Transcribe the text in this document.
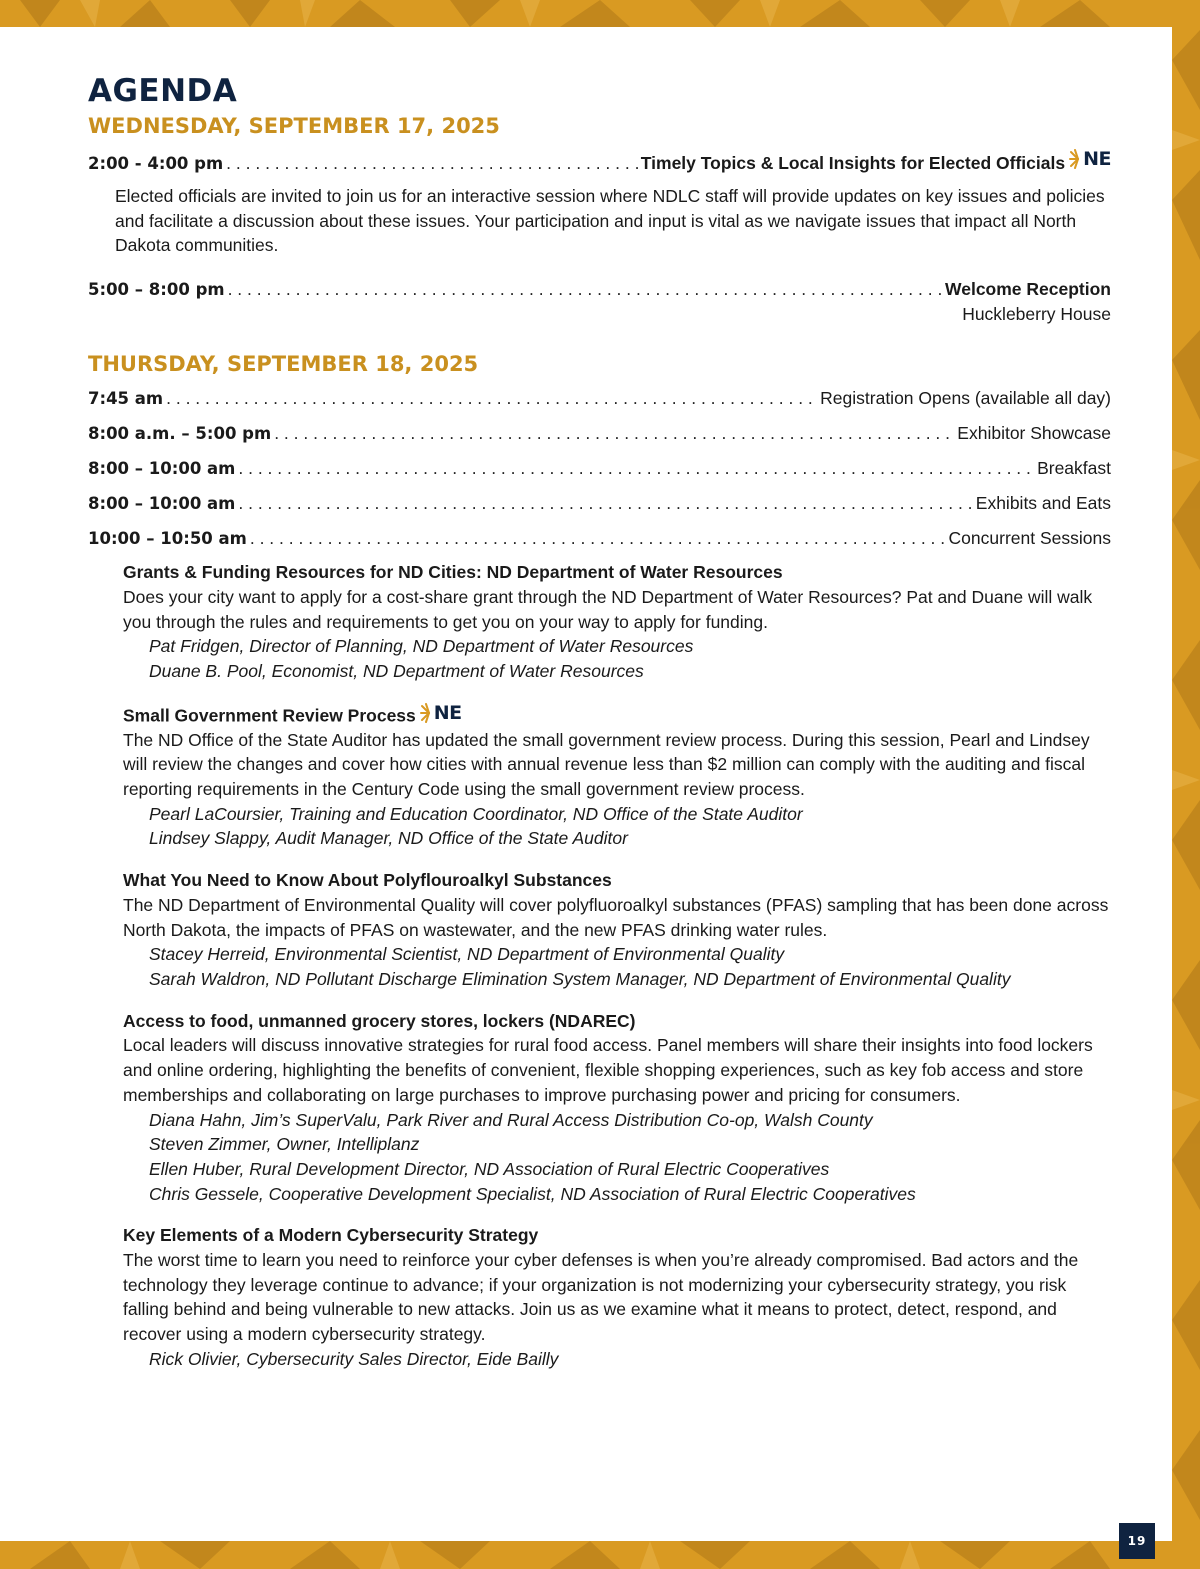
AGENDA
WEDNESDAY, SEPTEMBER 17, 2025
2:00 - 4:00 pm . . .	Timely Topics & Local Insights for Elected Officials NE
Elected officials are invited to join us for an interactive session where NDLC staff will provide updates on key issues and policies and facilitate a discussion about these issues. Your participation and input is vital as we navigate issues that impact all North Dakota communities.
5:00 – 8:00 pm . . .	Welcome Reception
Huckleberry House
THURSDAY, SEPTEMBER 18, 2025
7:45 am . . .	Registration Opens (available all day)
8:00 a.m. – 5:00 pm . . .	Exhibitor Showcase
8:00 – 10:00 am . . .	Breakfast
8:00 – 10:00 am . . .	Exhibits and Eats
10:00 – 10:50 am . . .	Concurrent Sessions
Grants & Funding Resources for ND Cities: ND Department of Water Resources
Does your city want to apply for a cost-share grant through the ND Department of Water Resources? Pat and Duane will walk you through the rules and requirements to get you on your way to apply for funding.
Pat Fridgen, Director of Planning, ND Department of Water Resources
Duane B. Pool, Economist, ND Department of Water Resources
Small Government Review Process NE
The ND Office of the State Auditor has updated the small government review process. During this session, Pearl and Lindsey will review the changes and cover how cities with annual revenue less than $2 million can comply with the auditing and fiscal reporting requirements in the Century Code using the small government review process.
Pearl LaCoursier, Training and Education Coordinator, ND Office of the State Auditor
Lindsey Slappy, Audit Manager, ND Office of the State Auditor
What You Need to Know About Polyflouroalkyl Substances
The ND Department of Environmental Quality will cover polyfluoroalkyl substances (PFAS) sampling that has been done across North Dakota, the impacts of PFAS on wastewater, and the new PFAS drinking water rules.
Stacey Herreid, Environmental Scientist, ND Department of Environmental Quality
Sarah Waldron, ND Pollutant Discharge Elimination System Manager, ND Department of Environmental Quality
Access to food, unmanned grocery stores, lockers (NDAREC)
Local leaders will discuss innovative strategies for rural food access. Panel members will share their insights into food lockers and online ordering, highlighting the benefits of convenient, flexible shopping experiences, such as key fob access and store memberships and collaborating on large purchases to improve purchasing power and pricing for consumers.
Diana Hahn, Jim’s SuperValu, Park River and Rural Access Distribution Co-op, Walsh County
Steven Zimmer, Owner, Intelliplanz
Ellen Huber, Rural Development Director, ND Association of Rural Electric Cooperatives
Chris Gessele, Cooperative Development Specialist, ND Association of Rural Electric Cooperatives
Key Elements of a Modern Cybersecurity Strategy
The worst time to learn you need to reinforce your cyber defenses is when you’re already compromised. Bad actors and the technology they leverage continue to advance; if your organization is not modernizing your cybersecurity strategy, you risk falling behind and being vulnerable to new attacks. Join us as we examine what it means to protect, detect, respond, and recover using a modern cybersecurity strategy.
Rick Olivier, Cybersecurity Sales Director, Eide Bailly
19
